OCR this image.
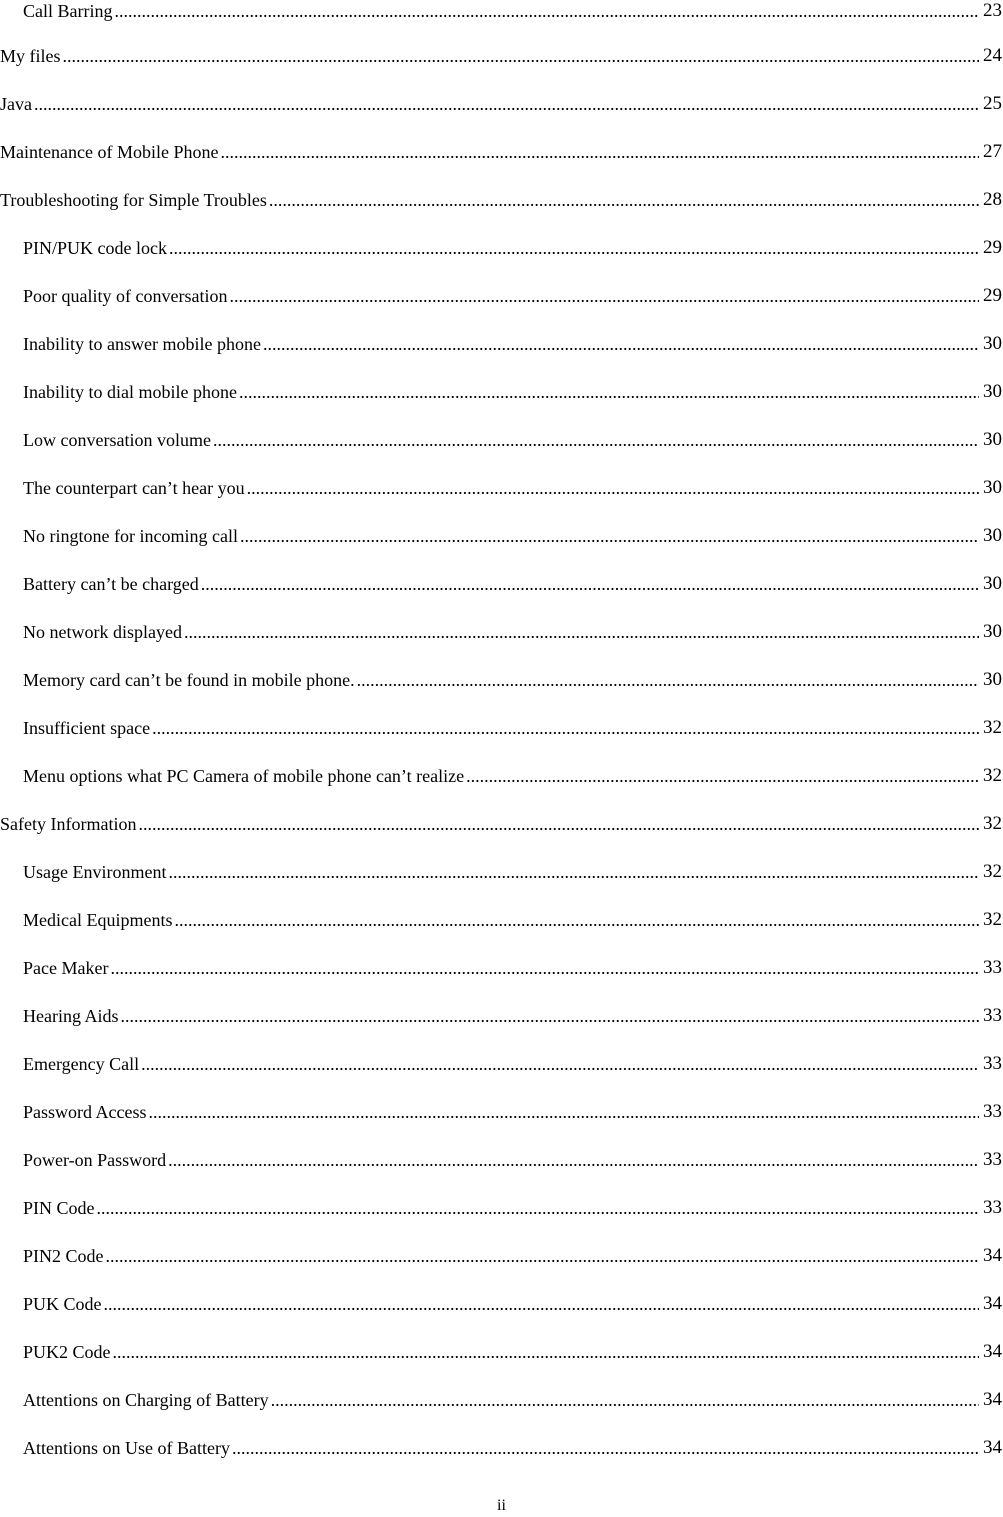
Call Barring .....	23
My files .....	24
Java .....	25
Maintenance of Mobile Phone .....	27
Troubleshooting for Simple Troubles .....	28
PIN/PUK code lock .....	29
Poor quality of conversation .....	29
Inability to answer mobile phone .....	30
Inability to dial mobile phone .....	30
Low conversation volume .....	30
The counterpart can’t hear you .....	30
No ringtone for incoming call .....	30
Battery can’t be charged .....	30
No network displayed .....	30
Memory card can’t be found in mobile phone. .....	30
Insufficient space .....	32
Menu options what PC Camera of mobile phone can’t realize .....	32
Safety Information .....	32
Usage Environment .....	32
Medical Equipments .....	32
Pace Maker .....	33
Hearing Aids .....	33
Emergency Call .....	33
Password Access .....	33
Power-on Password .....	33
PIN Code .....	33
PIN2 Code .....	34
PUK Code .....	34
PUK2 Code .....	34
Attentions on Charging of Battery .....	34
Attentions on Use of Battery .....	34
ii
